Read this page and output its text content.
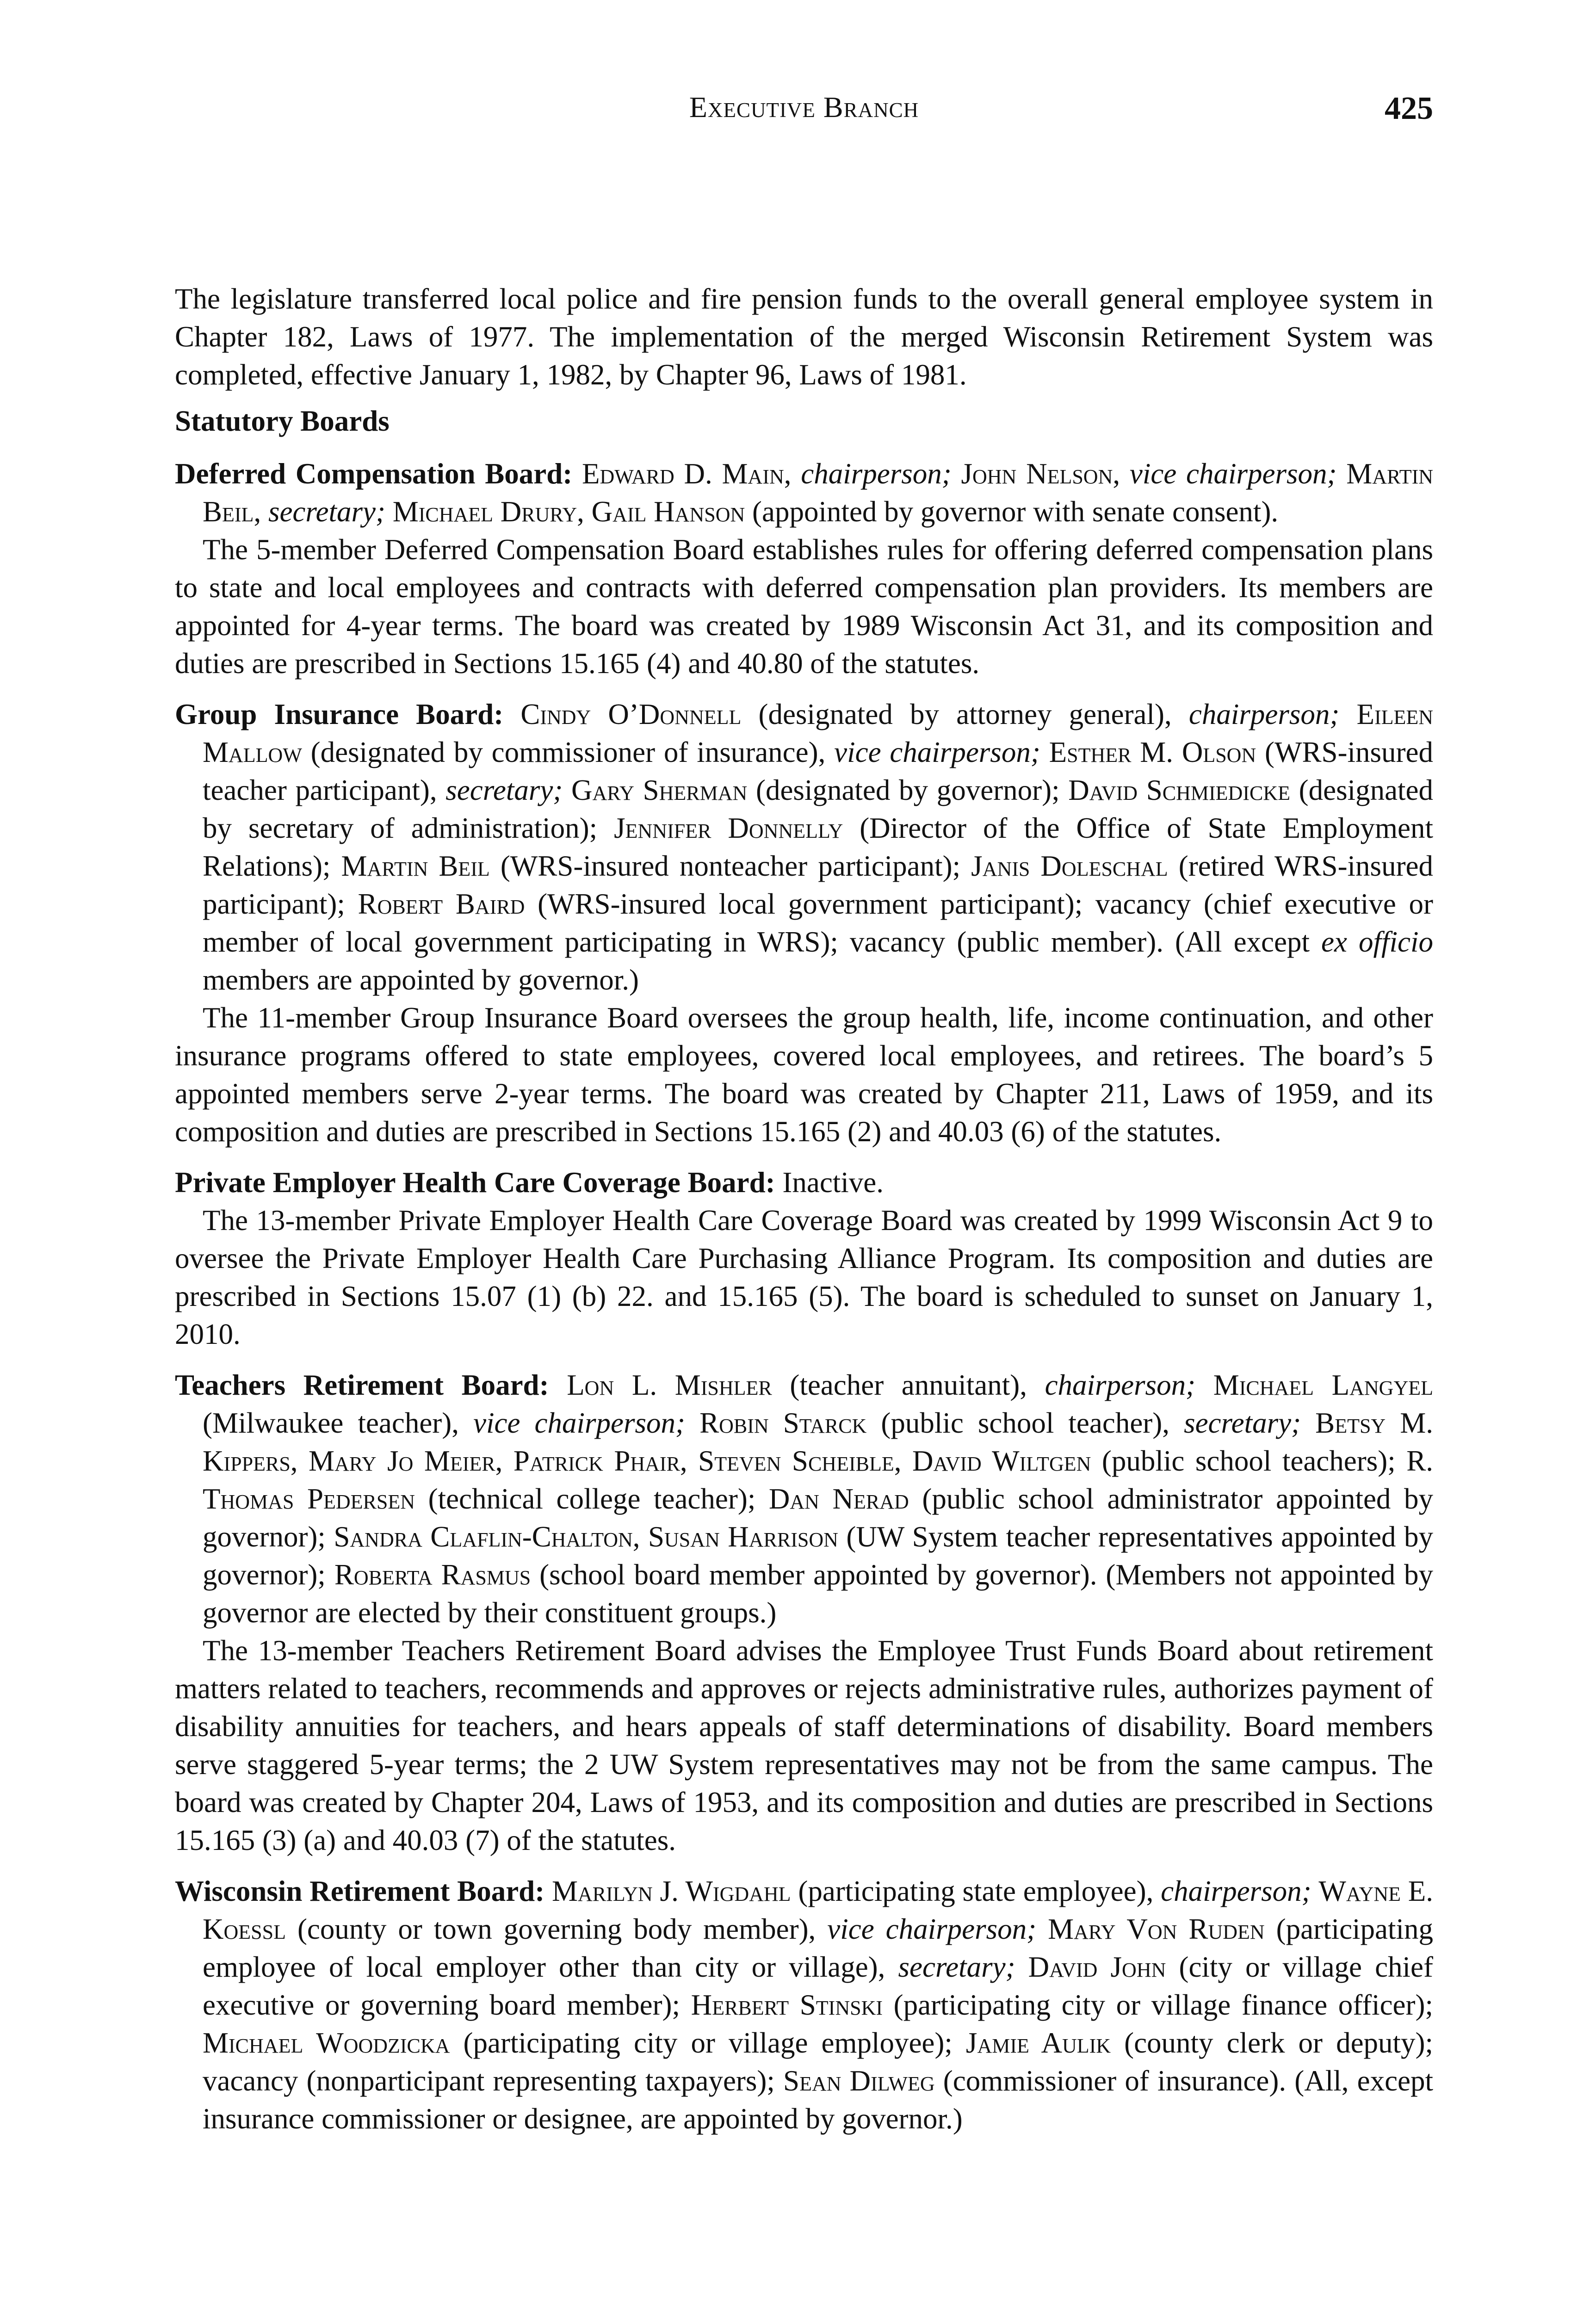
Executive Branch	425

The legislature transferred local police and fire pension funds to the overall general employee system in Chapter 182, Laws of 1977. The implementation of the merged Wisconsin Retirement System was completed, effective January 1, 1982, by Chapter 96, Laws of 1981.

Statutory Boards

Deferred Compensation Board: Edward D. Main, chairperson; John Nelson, vice chairperson; Martin Beil, secretary; Michael Drury, Gail Hanson (appointed by governor with senate consent).

The 5-member Deferred Compensation Board establishes rules for offering deferred compensation plans to state and local employees and contracts with deferred compensation plan providers. Its members are appointed for 4-year terms. The board was created by 1989 Wisconsin Act 31, and its composition and duties are prescribed in Sections 15.165 (4) and 40.80 of the statutes.

Group Insurance Board: Cindy O’Donnell (designated by attorney general), chairperson; Eileen Mallow (designated by commissioner of insurance), vice chairperson; Esther M. Olson (WRS-insured teacher participant), secretary; Gary Sherman (designated by governor); David Schmiedicke (designated by secretary of administration); Jennifer Donnelly (Director of the Office of State Employment Relations); Martin Beil (WRS-insured nonteacher participant); Janis Doleschal (retired WRS-insured participant); Robert Baird (WRS-insured local government participant); vacancy (chief executive or member of local government participating in WRS); vacancy (public member). (All except ex officio members are appointed by governor.)

The 11-member Group Insurance Board oversees the group health, life, income continuation, and other insurance programs offered to state employees, covered local employees, and retirees. The board’s 5 appointed members serve 2-year terms. The board was created by Chapter 211, Laws of 1959, and its composition and duties are prescribed in Sections 15.165 (2) and 40.03 (6) of the statutes.

Private Employer Health Care Coverage Board: Inactive.

The 13-member Private Employer Health Care Coverage Board was created by 1999 Wisconsin Act 9 to oversee the Private Employer Health Care Purchasing Alliance Program. Its composition and duties are prescribed in Sections 15.07 (1) (b) 22. and 15.165 (5). The board is scheduled to sunset on January 1, 2010.

Teachers Retirement Board: Lon L. Mishler (teacher annuitant), chairperson; Michael Langyel (Milwaukee teacher), vice chairperson; Robin Starck (public school teacher), secretary; Betsy M. Kippers, Mary Jo Meier, Patrick Phair, Steven Scheible, David Wiltgen (public school teachers); R. Thomas Pedersen (technical college teacher); Dan Nerad (public school administrator appointed by governor); Sandra Claflin-Chalton, Susan Harrison (UW System teacher representatives appointed by governor); Roberta Rasmus (school board member appointed by governor). (Members not appointed by governor are elected by their constituent groups.)

The 13-member Teachers Retirement Board advises the Employee Trust Funds Board about retirement matters related to teachers, recommends and approves or rejects administrative rules, authorizes payment of disability annuities for teachers, and hears appeals of staff determinations of disability. Board members serve staggered 5-year terms; the 2 UW System representatives may not be from the same campus. The board was created by Chapter 204, Laws of 1953, and its composition and duties are prescribed in Sections 15.165 (3) (a) and 40.03 (7) of the statutes.

Wisconsin Retirement Board: Marilyn J. Wigdahl (participating state employee), chairperson; Wayne E. Koessl (county or town governing body member), vice chairperson; Mary Von Ruden (participating employee of local employer other than city or village), secretary; David John (city or village chief executive or governing board member); Herbert Stinski (participating city or village finance officer); Michael Woodzicka (participating city or village employee); Jamie Aulik (county clerk or deputy); vacancy (nonparticipant representing taxpayers); Sean Dilweg (commissioner of insurance). (All, except insurance commissioner or designee, are appointed by governor.)
